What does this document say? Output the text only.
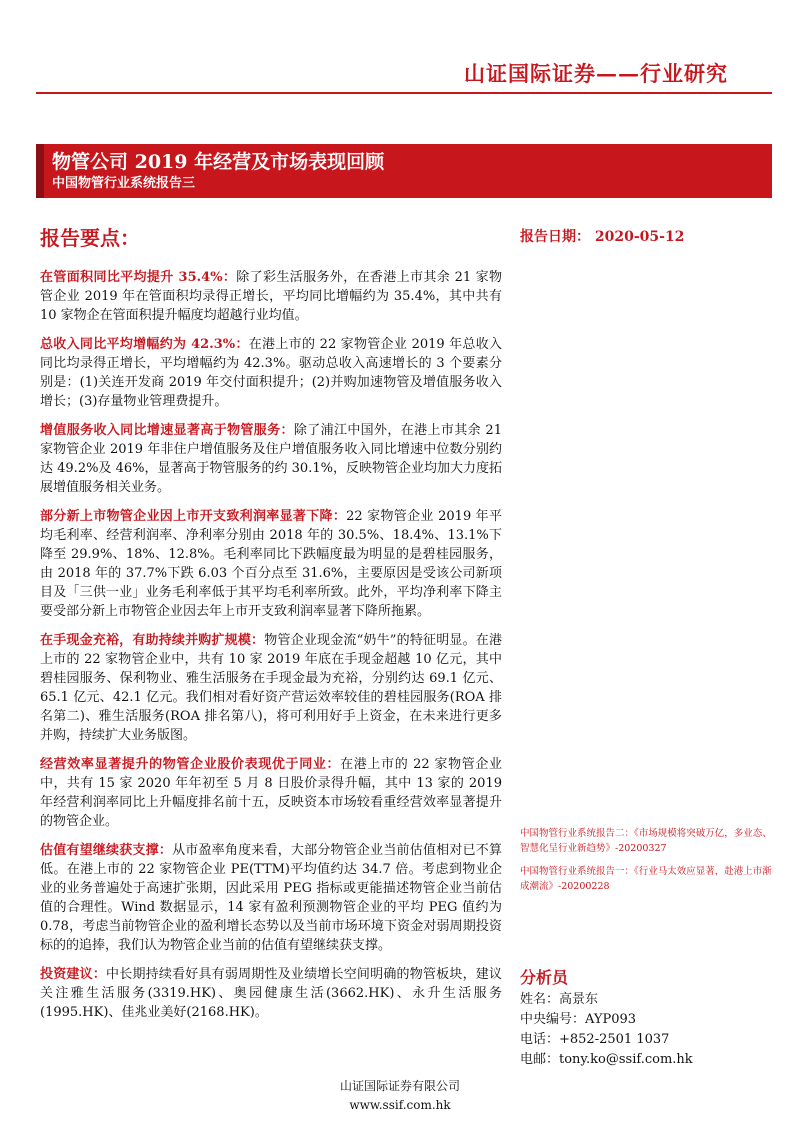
山证国际证券——行业研究
物管公司 2019 年经营及市场表现回顾
中国物管行业系统报告三
报告要点：

在管面积同比平均提升 35.4%：除了彩生活服务外，在香港上市其余 21 家物管企业 2019 年在管面积均录得正增长，平均同比增幅约为 35.4%，其中共有 10 家物企在管面积提升幅度均超越行业均值。

总收入同比平均增幅约为 42.3%：在港上市的 22 家物管企业 2019 年总收入同比均录得正增长，平均增幅约为 42.3%。驱动总收入高速增长的 3 个要素分别是：(1)关连开发商 2019 年交付面积提升；(2)并购加速物管及增值服务收入增长；(3)存量物业管理费提升。

增值服务收入同比增速显著高于物管服务：除了浦江中国外，在港上市其余 21 家物管企业 2019 年非住户增值服务及住户增值服务收入同比增速中位数分别约达 49.2%及 46%，显著高于物管服务的约 30.1%，反映物管企业均加大力度拓展增值服务相关业务。

部分新上市物管企业因上市开支致利润率显著下降：22 家物管企业 2019 年平均毛利率、经营利润率、净利率分别由 2018 年的 30.5%、18.4%、13.1%下降至 29.9%、18%、12.8%。毛利率同比下跌幅度最为明显的是碧桂园服务，由 2018 年的 37.7%下跌 6.03 个百分点至 31.6%，主要原因是受该公司新项目及「三供一业」业务毛利率低于其平均毛利率所致。此外，平均净利率下降主要受部分新上市物管企业因去年上市开支致利润率显著下降所拖累。

在手现金充裕，有助持续并购扩规模：物管企业现金流“奶牛”的特征明显。在港上市的 22 家物管企业中，共有 10 家 2019 年底在手现金超越 10 亿元，其中碧桂园服务、保利物业、雅生活服务在手现金最为充裕，分别约达 69.1 亿元、65.1 亿元、42.1 亿元。我们相对看好资产营运效率较佳的碧桂园服务(ROA 排名第二)、雅生活服务(ROA 排名第八)，将可利用好手上资金，在未来进行更多并购，持续扩大业务版图。

经营效率显著提升的物管企业股价表现优于同业：在港上市的 22 家物管企业中，共有 15 家 2020 年年初至 5 月 8 日股价录得升幅，其中 13 家的 2019 年经营利润率同比上升幅度排名前十五，反映资本市场较看重经营效率显著提升的物管企业。

估值有望继续获支撑：从市盈率角度来看，大部分物管企业当前估值相对已不算低。在港上市的 22 家物管企业 PE(TTM)平均值约达 34.7 倍。考虑到物业企业的业务普遍处于高速扩张期，因此采用 PEG 指标或更能描述物管企业当前估值的合理性。Wind 数据显示，14 家有盈利预测物管企业的平均 PEG 值约为 0.78，考虑当前物管企业的盈利增长态势以及当前市场环境下资金对弱周期投资标的的追捧，我们认为物管企业当前的估值有望继续获支撑。

投资建议：中长期持续看好具有弱周期性及业绩增长空间明确的物管板块，建议关注雅生活服务(3319.HK)、奥园健康生活(3662.HK)、永升生活服务(1995.HK)、佳兆业美好(2168.HK)。

报告日期： 2020-05-12

中国物管行业系统报告二：《市场规模将突破万亿，多业态、智慧化呈行业新趋势》-20200327

中国物管行业系统报告一：《行业马太效应显著，赴港上市渐成潮流》-20200228

分析员
姓名：高景东
中央编号：AYP093
电话：+852-2501 1037
电邮：tony.ko@ssif.com.hk
山证国际证券有限公司
www.ssif.com.hk
